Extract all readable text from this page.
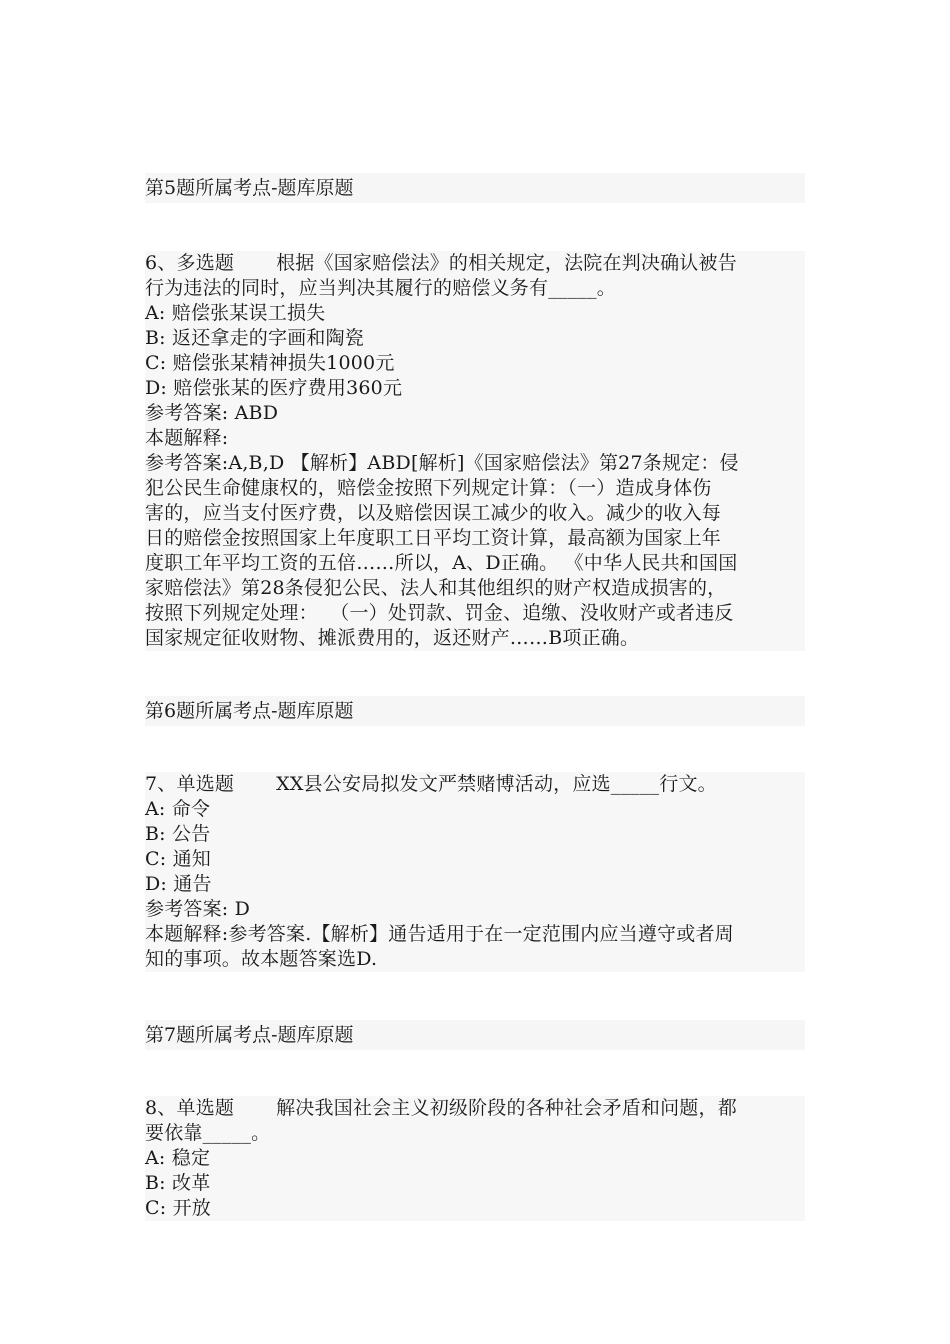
第5题所属考点-题库原题

6、多选题 根据《国家赔偿法》的相关规定，法院在判决确认被告

行为违法的同时，应当判决其履行的赔偿义务有_____。

A: 赔偿张某误工损失

B: 返还拿走的字画和陶瓷

C: 赔偿张某精神损失1000元

D: 赔偿张某的医疗费用360元

参考答案: ABD

本题解释:

参考答案:A,B,D 【解析】ABD[解析]《国家赔偿法》第27条规定：侵

犯公民生命健康权的，赔偿金按照下列规定计算：（一）造成身体伤

害的，应当支付医疗费，以及赔偿因误工减少的收入。减少的收入每

日的赔偿金按照国家上年度职工日平均工资计算，最高额为国家上年

度职工年平均工资的五倍……所以，A、D正确。 《中华人民共和国国

家赔偿法》第28条侵犯公民、法人和其他组织的财产权造成损害的，

按照下列规定处理：  （一）处罚款、罚金、追缴、没收财产或者违反

国家规定征收财物、摊派费用的，返还财产……B项正确。

第6题所属考点-题库原题

7、单选题 XX县公安局拟发文严禁赌博活动，应选_____行文。

A: 命令

B: 公告

C: 通知

D: 通告

参考答案: D

本题解释:参考答案.【解析】通告适用于在一定范围内应当遵守或者周

知的事项。故本题答案选D.

第7题所属考点-题库原题

8、单选题 解决我国社会主义初级阶段的各种社会矛盾和问题，都

要依靠_____。

A: 稳定

B: 改革

C: 开放
